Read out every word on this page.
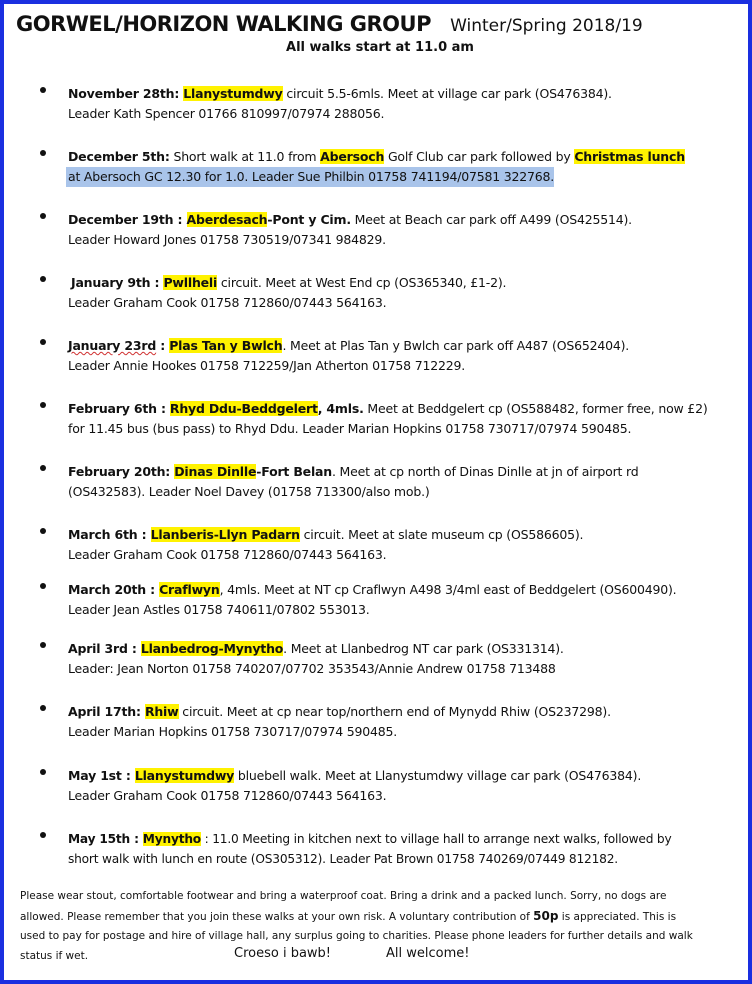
GORWEL/HORIZON WALKING GROUP Winter/Spring 2018/19
All walks start at 11.0 am
November 28th: Llanystumdwy circuit 5.5-6mls. Meet at village car park (OS476384).
Leader Kath Spencer 01766 810997/07974 288056.
December 5th: Short walk at 11.0 from Abersoch Golf Club car park followed by Christmas lunch
at Abersoch GC 12.30 for 1.0. Leader Sue Philbin 01758 741194/07581 322768.
December 19th : Aberdesach-Pont y Cim. Meet at Beach car park off A499 (OS425514).
Leader Howard Jones 01758 730519/07341 984829.
January 9th : Pwllheli circuit. Meet at West End cp (OS365340, £1-2).
Leader Graham Cook 01758 712860/07443 564163.
January 23rd : Plas Tan y Bwlch. Meet at Plas Tan y Bwlch car park off A487 (OS652404).
Leader Annie Hookes 01758 712259/Jan Atherton 01758 712229.
February 6th : Rhyd Ddu-Beddgelert, 4mls. Meet at Beddgelert cp (OS588482, former free, now £2)
for 11.45 bus (bus pass) to Rhyd Ddu. Leader Marian Hopkins 01758 730717/07974 590485.
February 20th: Dinas Dinlle-Fort Belan. Meet at cp north of Dinas Dinlle at jn of airport rd
(OS432583). Leader Noel Davey (01758 713300/also mob.)
March 6th : Llanberis-Llyn Padarn circuit. Meet at slate museum cp (OS586605).
Leader Graham Cook 01758 712860/07443 564163.
March 20th : Craflwyn, 4mls. Meet at NT cp Craflwyn A498 3/4ml east of Beddgelert (OS600490).
Leader Jean Astles 01758 740611/07802 553013.
April 3rd : Llanbedrog-Mynytho. Meet at Llanbedrog NT car park (OS331314).
Leader: Jean Norton 01758 740207/07702 353543/Annie Andrew 01758 713488
April 17th: Rhiw circuit. Meet at cp near top/northern end of Mynydd Rhiw (OS237298).
Leader Marian Hopkins 01758 730717/07974 590485.
May 1st : Llanystumdwy bluebell walk. Meet at Llanystumdwy village car park (OS476384).
Leader Graham Cook 01758 712860/07443 564163.
May 15th : Mynytho : 11.0 Meeting in kitchen next to village hall to arrange next walks, followed by
short walk with lunch en route (OS305312). Leader Pat Brown 01758 740269/07449 812182.
Please wear stout, comfortable footwear and bring a waterproof coat. Bring a drink and a packed lunch. Sorry, no dogs are
allowed. Please remember that you join these walks at your own risk. A voluntary contribution of 50p is appreciated. This is
used to pay for postage and hire of village hall, any surplus going to charities. Please phone leaders for further details and walk
status if wet.	Croeso i bawb!	All welcome!
